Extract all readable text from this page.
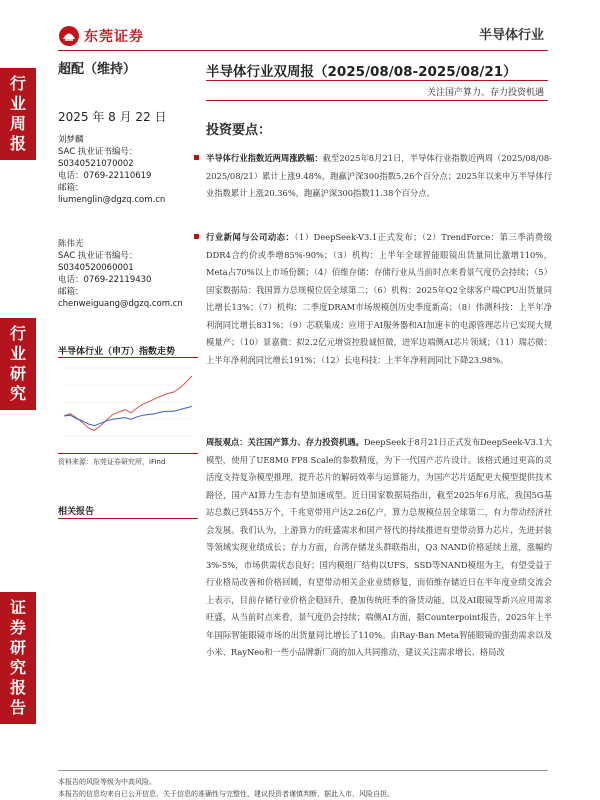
东莞证券	半导体行业
行
业
周
报
行
业
研
究
证
券
研
究
报
告
超配（维持）
2025 年 8 月 22 日
刘梦麟
SAC 执业证书编号：
S0340521070002
电话：0769-22110619
邮箱：
liumenglin@dgzq.com.cn
陈伟光
SAC 执业证书编号：
S0340520060001
电话：0769-22119430
邮箱：
chenweiguang@dgzq.com.cn
半导体行业（申万）指数走势
资料来源：东莞证券研究所，iFind
相关报告
半导体行业双周报（2025/08/08-2025/08/21）
关注国产算力、存力投资机遇
投资要点：
半导体行业指数近两周涨跌幅：截至2025年8月21日，半导体行业指数近两周（2025/08/08-2025/08/21）累计上涨9.48%，跑赢沪深300指数5.26个百分点；2025年以来申万半导体行业指数累计上涨20.36%，跑赢沪深300指数11.38个百分点。
行业新闻与公司动态：（1）DeepSeek-V3.1正式发布；（2）TrendForce：第三季消费级DDR4合约价或季增85%-90%；（3）机构：上半年全球智能眼镜出货量同比激增110%，Meta占70%以上市场份额；（4）佰维存储：存储行业从当前时点来看景气度仍会持续；（5）国家数据局：我国算力总规模位居全球第二；（6）机构：2025年Q2全球客户端CPU出货量同比增长13%；（7）机构：二季度DRAM市场规模创历史季度新高；（8）伟测科技：上半年净利润同比增长831%；（9）芯联集成：应用于AI服务器和AI加速卡的电源管理芯片已实现大规模量产；（10）景嘉微：拟2.2亿元增资控股诚恒微，进军边端侧AI芯片领域；（11）瑞芯微：上半年净利润同比增长191%；（12）长电科技：上半年净利润同比下降23.98%。
周报观点：关注国产算力、存力投资机遇。DeepSeek于8月21日正式发布DeepSeek-V3.1大模型，使用了UE8M0 FP8 Scale的参数精度，为下一代国产芯片设计。该格式通过更高的灵活度支持复杂模型推理，提升芯片的解码效率与运算能力，为国产芯片适配更大模型提供技术路径，国产AI算力生态有望加速成型。近日国家数据局指出，截至2025年6月底，我国5G基站总数已到455万个，千兆宽带用户达2.26亿户，算力总规模位居全球第二，有力带动经济社会发展。我们认为，上游算力的旺盛需求和国产替代的持续推进有望带动算力芯片、先进封装等领域实现业绩成长；存力方面，台湾存储龙头群联指出，Q3 NAND价格延续上涨，涨幅约3%-5%，市场供需状态良好；国内模组厂结构以UFS、SSD等NAND模组为主，有望受益于行业格局改善和价格回暖，有望带动相关企业业绩修复，而佰维存储近日在半年度业绩交流会上表示，目前存储行业价格企稳回升，叠加传统旺季的备货动能，以及AI眼镜等新兴应用需求旺盛，从当前时点来看，景气度仍会持续；端侧AI方面，据Counterpoint报告，2025年上半年国际智能眼镜市场的出货量同比增长了110%。由Ray-Ban Meta智能眼镜的强劲需求以及小米、RayNeo和一些小品牌新厂商的加入共同推动，建议关注需求增长、格局改
本报告的风险等级为中高风险。
本报告的信息均来自已公开信息，关于信息的准确性与完整性，建议投资者谨慎判断，据此入市，风险自担。
